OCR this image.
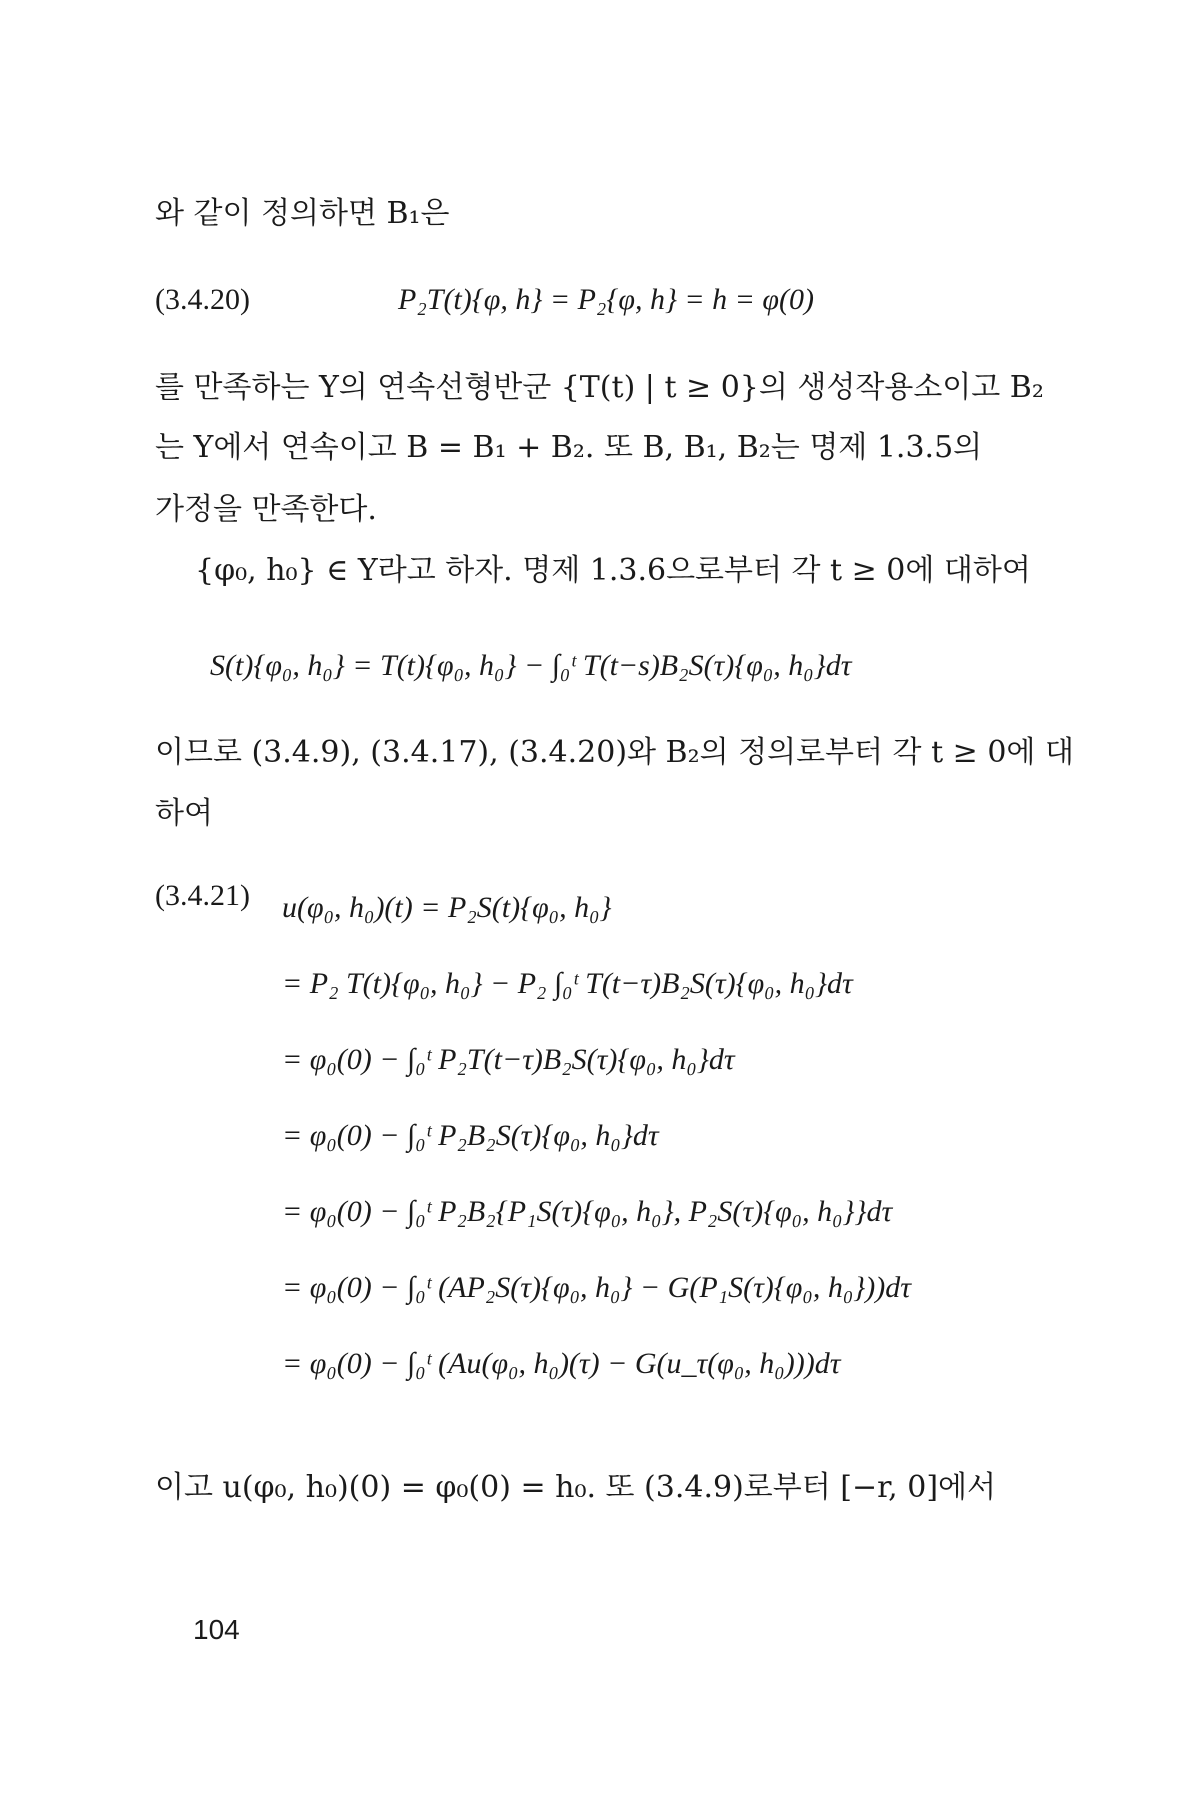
와 같이 정의하면 B₁은
(3.4.20)	P₂T(t){φ, h} = P₂{φ, h} = h = φ(0)
를 만족하는 Y의 연속선형반군 {T(t) | t ≥ 0}의 생성작용소이고 B₂
는 Y에서 연속이고 B = B₁ + B₂. 또 B, B₁, B₂는 명제 1.3.5의
가정을 만족한다.
{φ₀, h₀} ∈ Y라고 하자. 명제 1.3.6으로부터 각 t ≥ 0에 대하여
S(t){φ₀, h₀} = T(t){φ₀, h₀} − ∫₀ᵗ T(t−s)B₂S(τ){φ₀, h₀}dτ
이므로 (3.4.9), (3.4.17), (3.4.20)와 B₂의 정의로부터 각 t ≥ 0에 대
하여
(3.4.21) u(φ₀, h₀)(t) = P₂S(t){φ₀, h₀}
= P₂ T(t){φ₀, h₀} − P₂ ∫₀ᵗ T(t−τ)B₂S(τ){φ₀, h₀}dτ
= φ₀(0) − ∫₀ᵗ P₂T(t−τ)B₂S(τ){φ₀, h₀}dτ
= φ₀(0) − ∫₀ᵗ P₂B₂S(τ){φ₀, h₀}dτ
= φ₀(0) − ∫₀ᵗ P₂B₂{P₁S(τ){φ₀, h₀}, P₂S(τ){φ₀, h₀}}dτ
= φ₀(0) − ∫₀ᵗ (AP₂S(τ){φ₀, h₀} − G(P₁S(τ){φ₀, h₀}))dτ
= φ₀(0) − ∫₀ᵗ (Au(φ₀, h₀)(τ) − G(u_τ(φ₀, h₀)))dτ
이고 u(φ₀, h₀)(0) = φ₀(0) = h₀. 또 (3.4.9)로부터 [−r, 0]에서
104
